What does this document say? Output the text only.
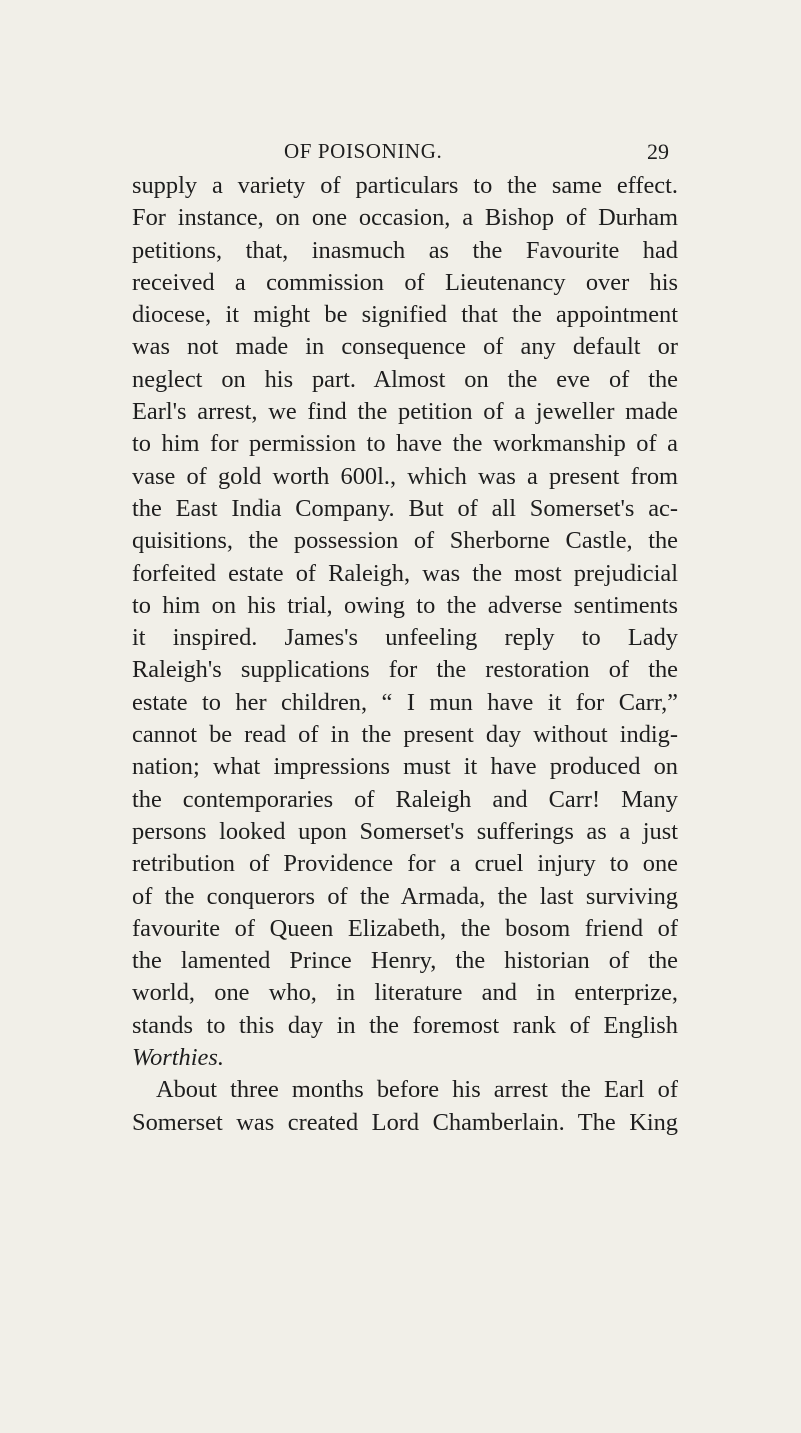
OF POISONING.	29
supply a variety of particulars to the same effect.
For instance, on one occasion, a Bishop of Durham
petitions, that, inasmuch as the Favourite had
received a commission of Lieutenancy over his
diocese, it might be signified that the appointment
was not made in consequence of any default or
neglect on his part. Almost on the eve of the
Earl's arrest, we find the petition of a jeweller made
to him for permission to have the workmanship of a
vase of gold worth 600l., which was a present from
the East India Company. But of all Somerset's ac-
quisitions, the possession of Sherborne Castle, the
forfeited estate of Raleigh, was the most prejudicial
to him on his trial, owing to the adverse sentiments
it inspired. James's unfeeling reply to Lady
Raleigh's supplications for the restoration of the
estate to her children, “ I mun have it for Carr,”
cannot be read of in the present day without indig-
nation; what impressions must it have produced on
the contemporaries of Raleigh and Carr! Many
persons looked upon Somerset's sufferings as a just
retribution of Providence for a cruel injury to one
of the conquerors of the Armada, the last surviving
favourite of Queen Elizabeth, the bosom friend of
the lamented Prince Henry, the historian of the
world, one who, in literature and in enterprize,
stands to this day in the foremost rank of English
Worthies.
About three months before his arrest the Earl of
Somerset was created Lord Chamberlain. The King
